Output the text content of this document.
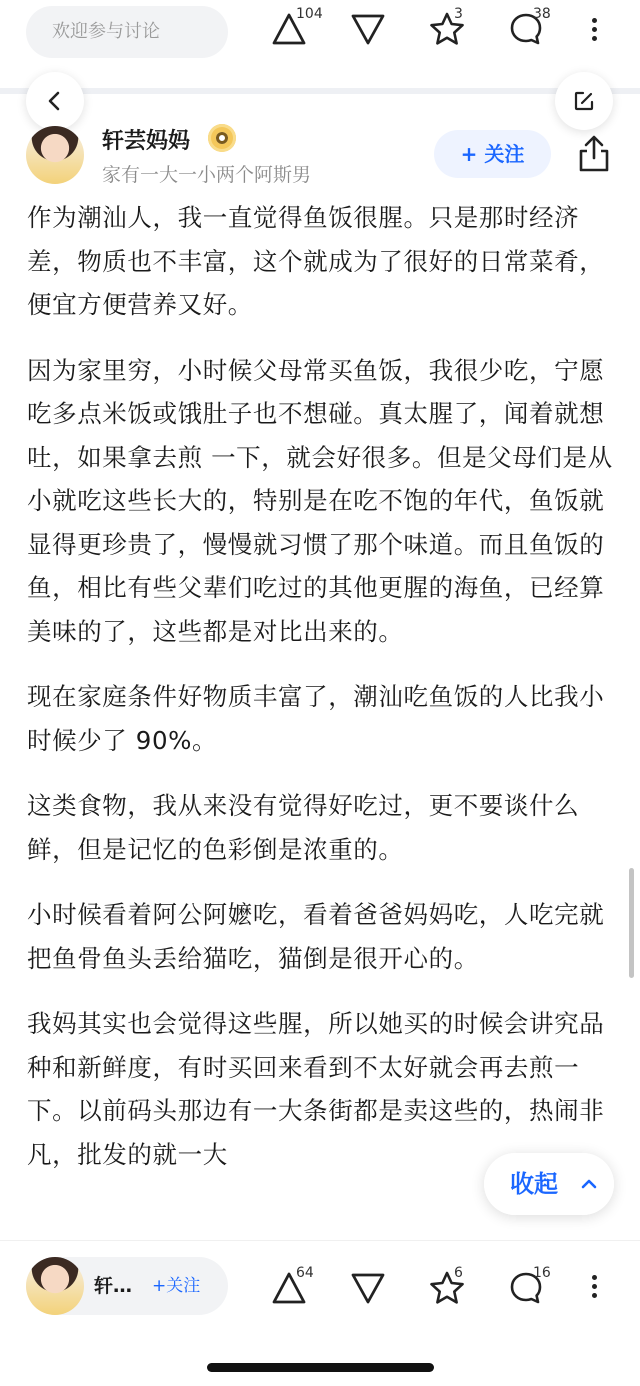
欢迎参与讨论
104	3	38
轩芸妈妈
家有一大一小两个阿斯男
+ 关注

作为潮汕人，我一直觉得鱼饭很腥。只是那时经济差，物质也不丰富，这个就成为了很好的日常菜肴，便宜方便营养又好。

因为家里穷，小时候父母常买鱼饭，我很少吃，宁愿吃多点米饭或饿肚子也不想碰。真太腥了，闻着就想吐，如果拿去煎 一下，就会好很多。但是父母们是从小就吃这些长大的，特别是在吃不饱的年代，鱼饭就显得更珍贵了，慢慢就习惯了那个味道。而且鱼饭的鱼，相比有些父辈们吃过的其他更腥的海鱼，已经算美味的了，这些都是对比出来的。

现在家庭条件好物质丰富了，潮汕吃鱼饭的人比我小时候少了 90%。

这类食物，我从来没有觉得好吃过，更不要谈什么鲜，但是记忆的色彩倒是浓重的。

小时候看着阿公阿嬷吃，看着爸爸妈妈吃，人吃完就把鱼骨鱼头丢给猫吃，猫倒是很开心的。

我妈其实也会觉得这些腥，所以她买的时候会讲究品种和新鲜度，有时买回来看到不太好就会再去煎一下。以前码头那边有一大条街都是卖这些的，热闹非凡，批发的就一大

收起
轩… +关注
64	6	16
